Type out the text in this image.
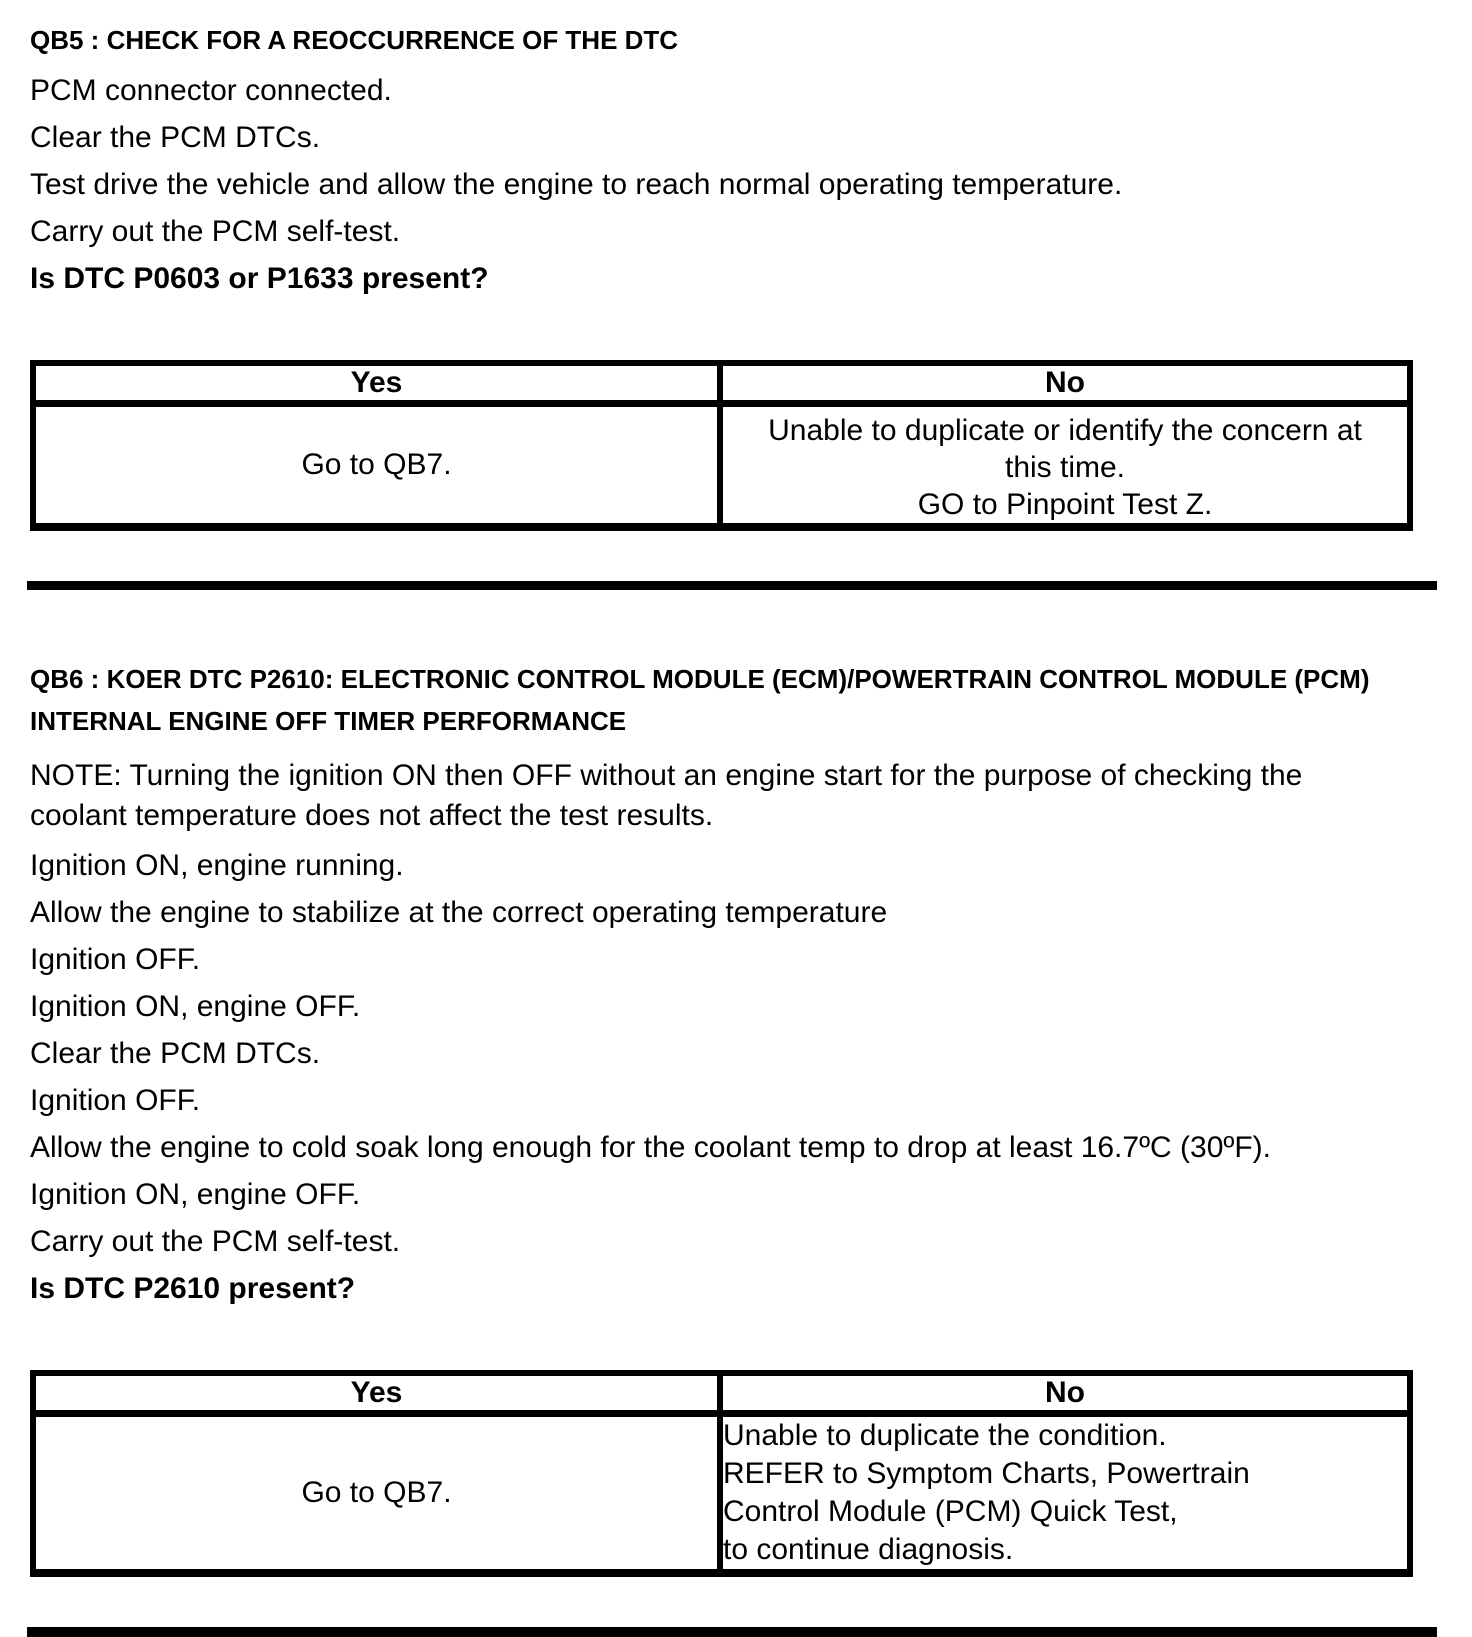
QB5 : CHECK FOR A REOCCURRENCE OF THE DTC

PCM connector connected.

Clear the PCM DTCs.

Test drive the vehicle and allow the engine to reach normal operating temperature.

Carry out the PCM self-test.

Is DTC P0603 or P1633 present?

Yes	No
Go to QB7.	Unable to duplicate or identify the concern at
this time.
GO to Pinpoint Test Z.
QB6 : KOER DTC P2610: ELECTRONIC CONTROL MODULE (ECM)/POWERTRAIN CONTROL MODULE (PCM) INTERNAL ENGINE OFF TIMER PERFORMANCE

NOTE: Turning the ignition ON then OFF without an engine start for the purpose of checking the coolant temperature does not affect the test results.

Ignition ON, engine running.

Allow the engine to stabilize at the correct operating temperature

Ignition OFF.

Ignition ON, engine OFF.

Clear the PCM DTCs.

Ignition OFF.

Allow the engine to cold soak long enough for the coolant temp to drop at least 16.7ºC (30ºF).

Ignition ON, engine OFF.

Carry out the PCM self-test.

Is DTC P2610 present?

Yes	No
Go to QB7.	Unable to duplicate the condition.
REFER to Symptom Charts, Powertrain
Control Module (PCM) Quick Test,
to continue diagnosis.
